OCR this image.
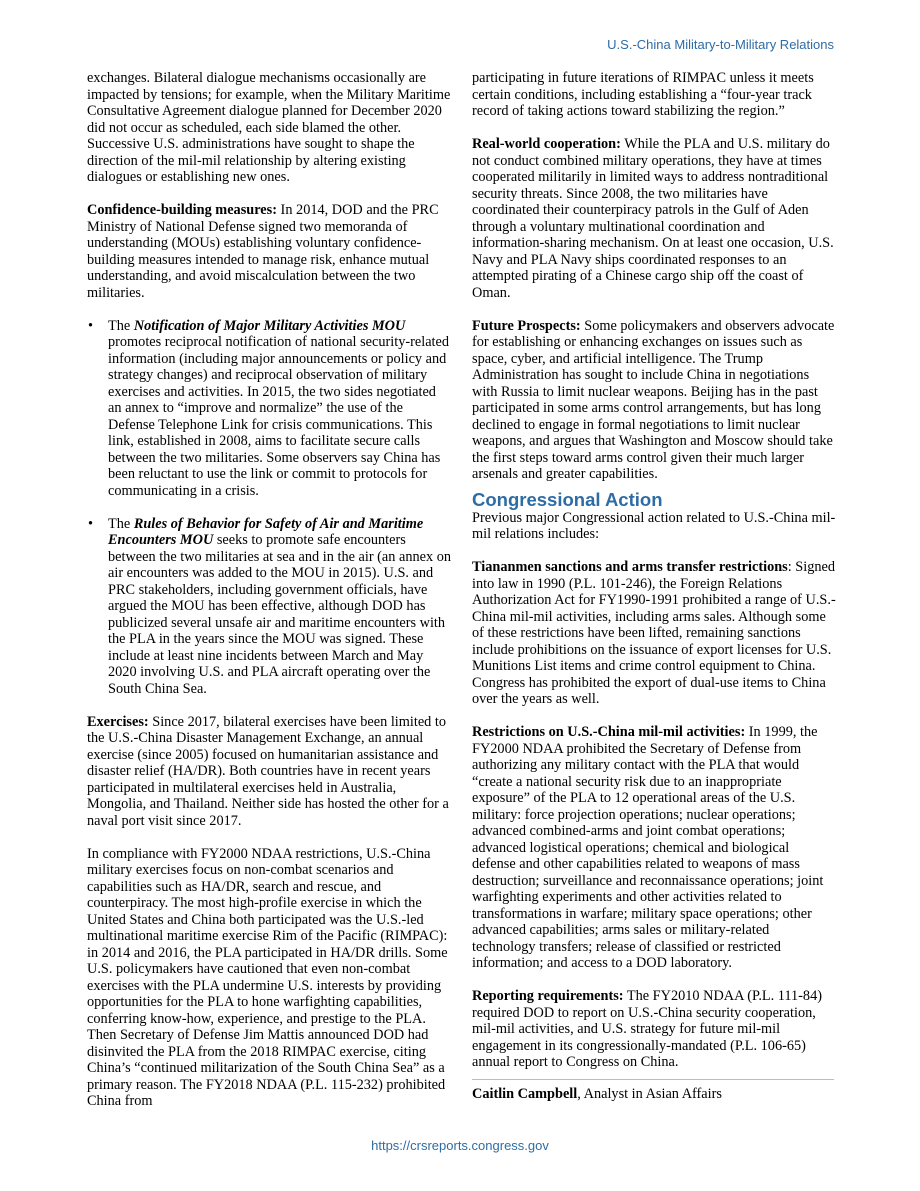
U.S.-China Military-to-Military Relations

exchanges. Bilateral dialogue mechanisms occasionally are impacted by tensions; for example, when the Military Maritime Consultative Agreement dialogue planned for December 2020 did not occur as scheduled, each side blamed the other. Successive U.S. administrations have sought to shape the direction of the mil-mil relationship by altering existing dialogues or establishing new ones.

Confidence-building measures: In 2014, DOD and the PRC Ministry of National Defense signed two memoranda of understanding (MOUs) establishing voluntary confidence-building measures intended to manage risk, enhance mutual understanding, and avoid miscalculation between the two militaries.

• The Notification of Major Military Activities MOU promotes reciprocal notification of national security-related information (including major announcements or policy and strategy changes) and reciprocal observation of military exercises and activities. In 2015, the two sides negotiated an annex to “improve and normalize” the use of the Defense Telephone Link for crisis communications. This link, established in 2008, aims to facilitate secure calls between the two militaries. Some observers say China has been reluctant to use the link or commit to protocols for communicating in a crisis.
• The Rules of Behavior for Safety of Air and Maritime Encounters MOU seeks to promote safe encounters between the two militaries at sea and in the air (an annex on air encounters was added to the MOU in 2015). U.S. and PRC stakeholders, including government officials, have argued the MOU has been effective, although DOD has publicized several unsafe air and maritime encounters with the PLA in the years since the MOU was signed. These include at least nine incidents between March and May 2020 involving U.S. and PLA aircraft operating over the South China Sea.

Exercises: Since 2017, bilateral exercises have been limited to the U.S.-China Disaster Management Exchange, an annual exercise (since 2005) focused on humanitarian assistance and disaster relief (HA/DR). Both countries have in recent years participated in multilateral exercises held in Australia, Mongolia, and Thailand. Neither side has hosted the other for a naval port visit since 2017.

In compliance with FY2000 NDAA restrictions, U.S.-China military exercises focus on non-combat scenarios and capabilities such as HA/DR, search and rescue, and counterpiracy. The most high-profile exercise in which the United States and China both participated was the U.S.-led multinational maritime exercise Rim of the Pacific (RIMPAC): in 2014 and 2016, the PLA participated in HA/DR drills. Some U.S. policymakers have cautioned that even non-combat exercises with the PLA undermine U.S. interests by providing opportunities for the PLA to hone warfighting capabilities, conferring know-how, experience, and prestige to the PLA. Then Secretary of Defense Jim Mattis announced DOD had disinvited the PLA from the 2018 RIMPAC exercise, citing China’s “continued militarization of the South China Sea” as a primary reason. The FY2018 NDAA (P.L. 115-232) prohibited China from

participating in future iterations of RIMPAC unless it meets certain conditions, including establishing a “four-year track record of taking actions toward stabilizing the region.”

Real-world cooperation: While the PLA and U.S. military do not conduct combined military operations, they have at times cooperated militarily in limited ways to address nontraditional security threats. Since 2008, the two militaries have coordinated their counterpiracy patrols in the Gulf of Aden through a voluntary multinational coordination and information-sharing mechanism. On at least one occasion, U.S. Navy and PLA Navy ships coordinated responses to an attempted pirating of a Chinese cargo ship off the coast of Oman.

Future Prospects: Some policymakers and observers advocate for establishing or enhancing exchanges on issues such as space, cyber, and artificial intelligence. The Trump Administration has sought to include China in negotiations with Russia to limit nuclear weapons. Beijing has in the past participated in some arms control arrangements, but has long declined to engage in formal negotiations to limit nuclear weapons, and argues that Washington and Moscow should take the first steps toward arms control given their much larger arsenals and greater capabilities.

Congressional Action

Previous major Congressional action related to U.S.-China mil-mil relations includes:

Tiananmen sanctions and arms transfer restrictions: Signed into law in 1990 (P.L. 101-246), the Foreign Relations Authorization Act for FY1990-1991 prohibited a range of U.S.-China mil-mil activities, including arms sales. Although some of these restrictions have been lifted, remaining sanctions include prohibitions on the issuance of export licenses for U.S. Munitions List items and crime control equipment to China. Congress has prohibited the export of dual-use items to China over the years as well.

Restrictions on U.S.-China mil-mil activities: In 1999, the FY2000 NDAA prohibited the Secretary of Defense from authorizing any military contact with the PLA that would “create a national security risk due to an inappropriate exposure” of the PLA to 12 operational areas of the U.S. military: force projection operations; nuclear operations; advanced combined-arms and joint combat operations; advanced logistical operations; chemical and biological defense and other capabilities related to weapons of mass destruction; surveillance and reconnaissance operations; joint warfighting experiments and other activities related to transformations in warfare; military space operations; other advanced capabilities; arms sales or military-related technology transfers; release of classified or restricted information; and access to a DOD laboratory.

Reporting requirements: The FY2010 NDAA (P.L. 111-84) required DOD to report on U.S.-China security cooperation, mil-mil activities, and U.S. strategy for future mil-mil engagement in its congressionally-mandated (P.L. 106-65) annual report to Congress on China.

Caitlin Campbell, Analyst in Asian Affairs
https://crsreports.congress.gov
